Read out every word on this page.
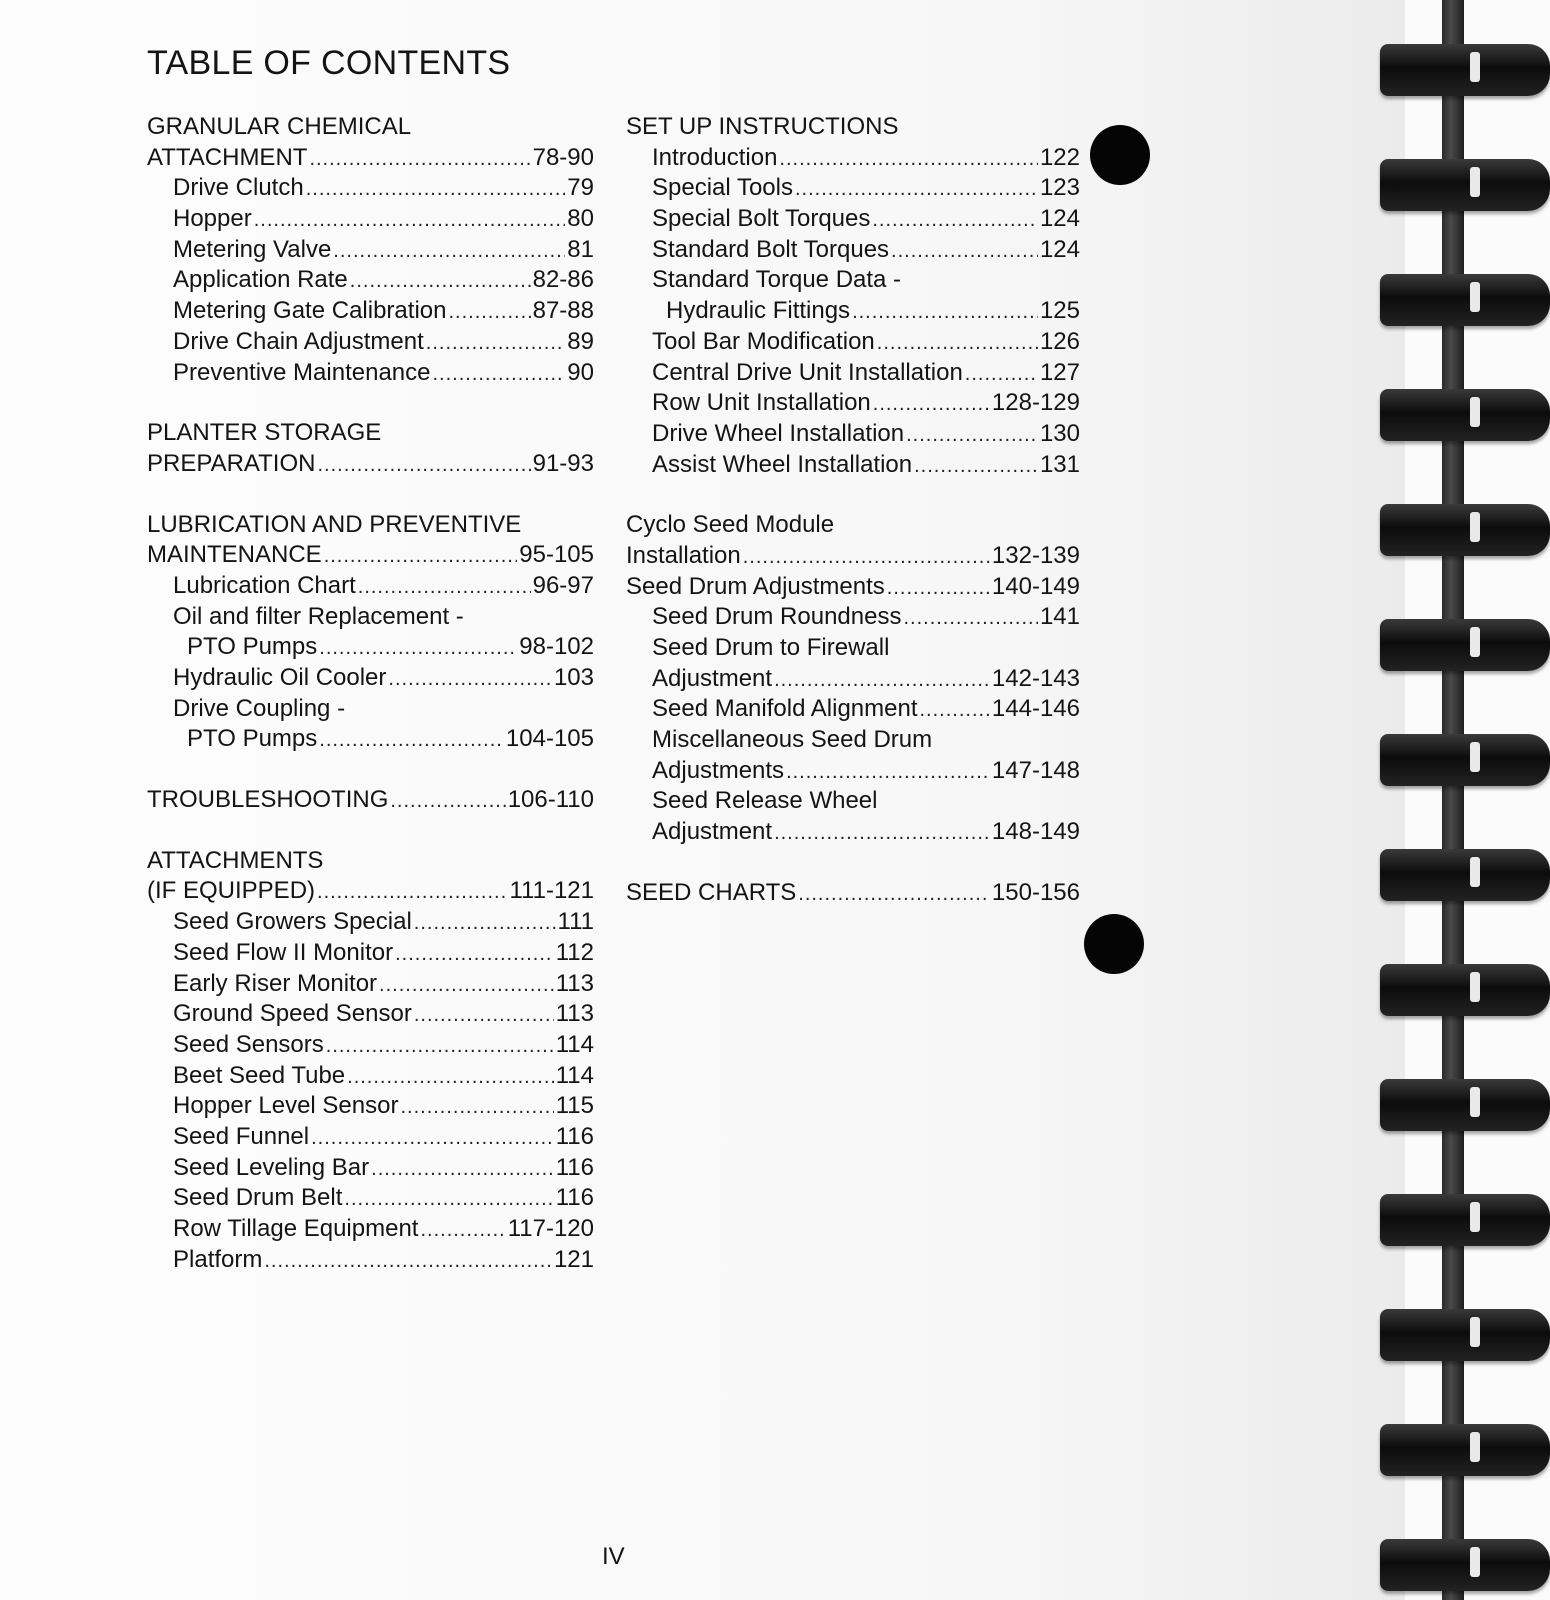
TABLE OF CONTENTS
GRANULAR CHEMICAL
ATTACHMENT .....	78-90
Drive Clutch .....	79
Hopper .....	80
Metering Valve .....	81
Application Rate .....	82-86
Metering Gate Calibration .....	87-88
Drive Chain Adjustment .....	89
Preventive Maintenance .....	90
PLANTER STORAGE
PREPARATION .....	91-93
LUBRICATION AND PREVENTIVE
MAINTENANCE .....	95-105
Lubrication Chart .....	96-97
Oil and filter Replacement -
PTO Pumps .....	98-102
Hydraulic Oil Cooler .....	103
Drive Coupling -
PTO Pumps .....	104-105
TROUBLESHOOTING .....	106-110
ATTACHMENTS
(IF EQUIPPED) .....	111-121
Seed Growers Special .....	111
Seed Flow II Monitor .....	112
Early Riser Monitor .....	113
Ground Speed Sensor .....	113
Seed Sensors .....	114
Beet Seed Tube .....	114
Hopper Level Sensor .....	115
Seed Funnel .....	116
Seed Leveling Bar .....	116
Seed Drum Belt .....	116
Row Tillage Equipment .....	117-120
Platform .....	121
SET UP INSTRUCTIONS
Introduction .....	122
Special Tools .....	123
Special Bolt Torques .....	124
Standard Bolt Torques .....	124
Standard Torque Data -
Hydraulic Fittings .....	125
Tool Bar Modification .....	126
Central Drive Unit Installation .....	127
Row Unit Installation .....	128-129
Drive Wheel Installation .....	130
Assist Wheel Installation .....	131
Cyclo Seed Module
Installation .....	132-139
Seed Drum Adjustments .....	140-149
Seed Drum Roundness .....	141
Seed Drum to Firewall
Adjustment .....	142-143
Seed Manifold Alignment .....	144-146
Miscellaneous Seed Drum
Adjustments .....	147-148
Seed Release Wheel
Adjustment .....	148-149
SEED CHARTS .....	150-156
IV
